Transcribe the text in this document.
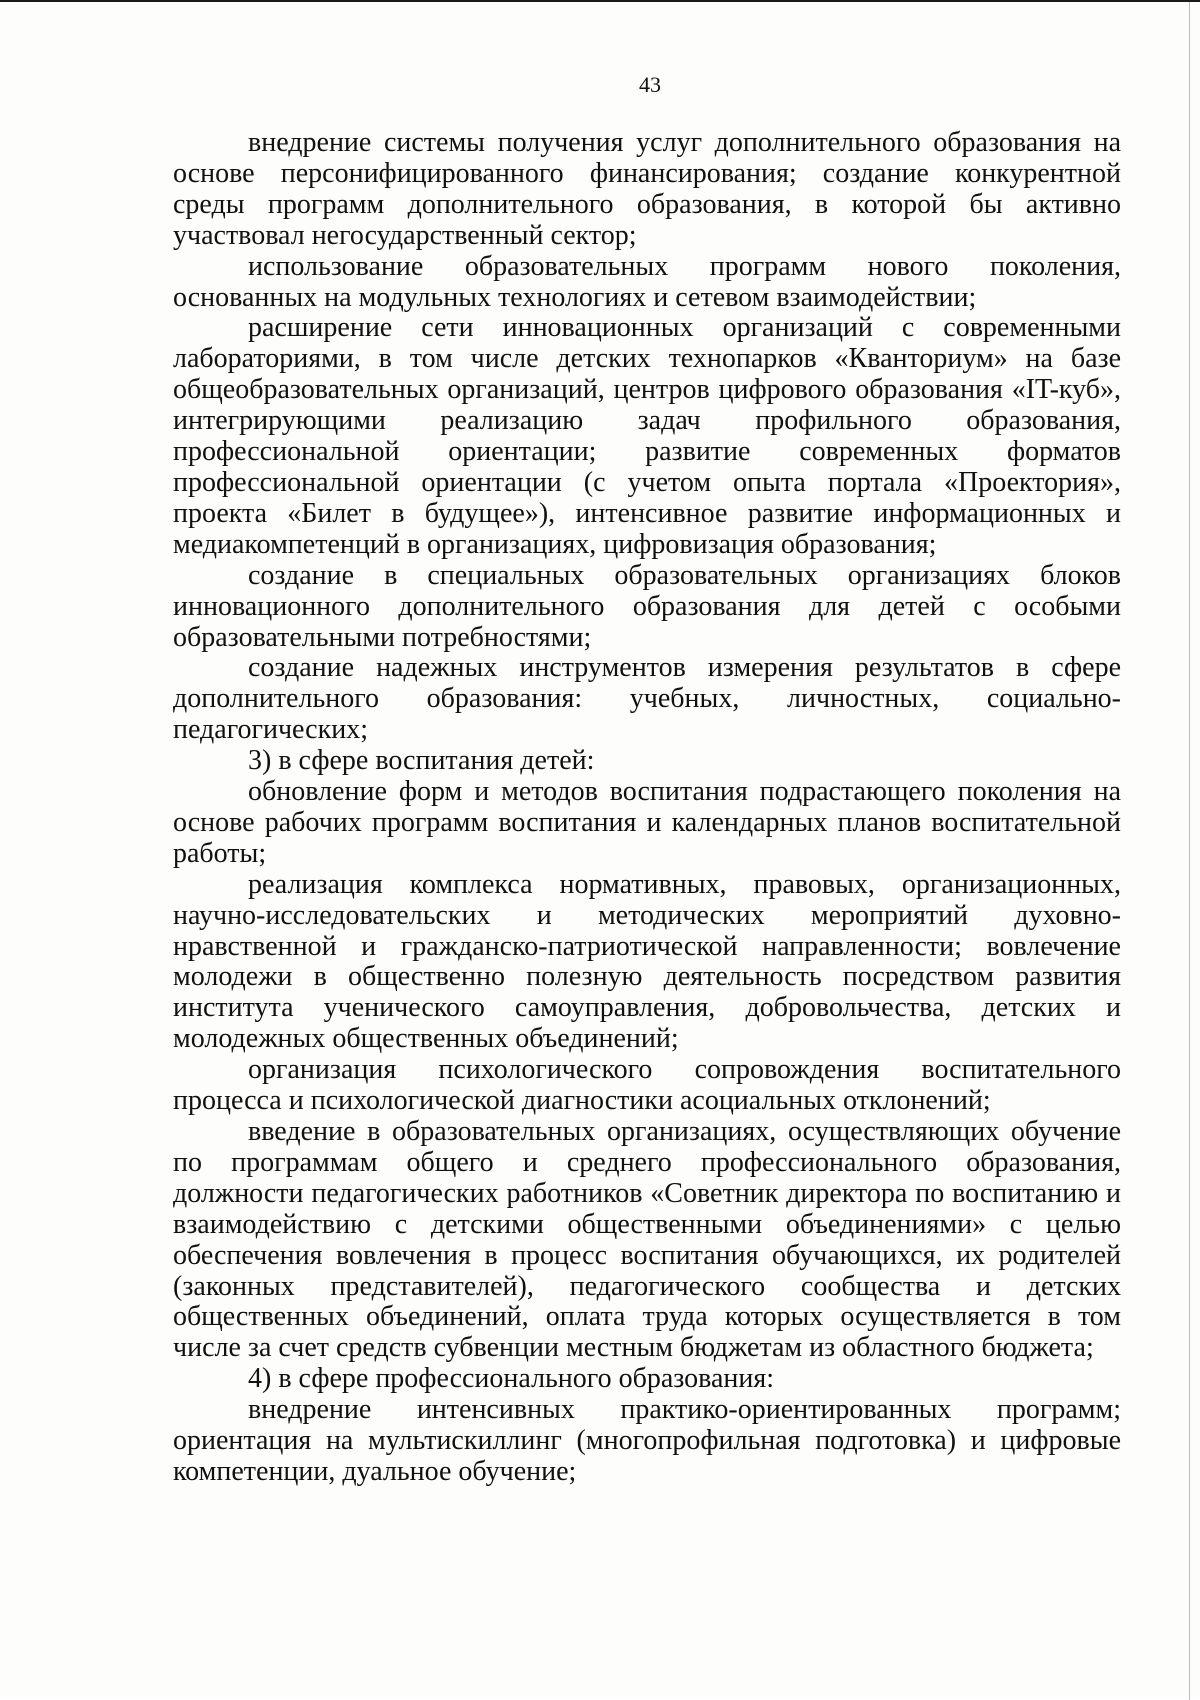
43

внедрение системы получения услуг дополнительного образования на основе персонифицированного финансирования; создание конкурентной среды программ дополнительного образования, в которой бы активно участвовал негосударственный сектор;

использование образовательных программ нового поколения, основанных на модульных технологиях и сетевом взаимодействии;

расширение сети инновационных организаций с современными лабораториями, в том числе детских технопарков «Кванториум» на базе общеобразовательных организаций, центров цифрового образования «IT-куб», интегрирующими реализацию задач профильного образования, профессиональной ориентации; развитие современных форматов профессиональной ориентации (с учетом опыта портала «Проектория», проекта «Билет в будущее»), интенсивное развитие информационных и медиакомпетенций в организациях, цифровизация образования;

создание в специальных образовательных организациях блоков инновационного дополнительного образования для детей с особыми образовательными потребностями;

создание надежных инструментов измерения результатов в сфере дополнительного образования: учебных, личностных, социально-педагогических;

3) в сфере воспитания детей:

обновление форм и методов воспитания подрастающего поколения на основе рабочих программ воспитания и календарных планов воспитательной работы;

реализация комплекса нормативных, правовых, организационных, научно-исследовательских и методических мероприятий духовно-нравственной и гражданско-патриотической направленности; вовлечение молодежи в общественно полезную деятельность посредством развития института ученического самоуправления, добровольчества, детских и молодежных общественных объединений;

организация психологического сопровождения воспитательного процесса и психологической диагностики асоциальных отклонений;

введение в образовательных организациях, осуществляющих обучение по программам общего и среднего профессионального образования, должности педагогических работников «Советник директора по воспитанию и взаимодействию с детскими общественными объединениями» с целью обеспечения вовлечения в процесс воспитания обучающихся, их родителей (законных представителей), педагогического сообщества и детских общественных объединений, оплата труда которых осуществляется в том числе за счет средств субвенции местным бюджетам из областного бюджета;

4) в сфере профессионального образования:

внедрение интенсивных практико-ориентированных программ; ориентация на мультискиллинг (многопрофильная подготовка) и цифровые компетенции, дуальное обучение;
